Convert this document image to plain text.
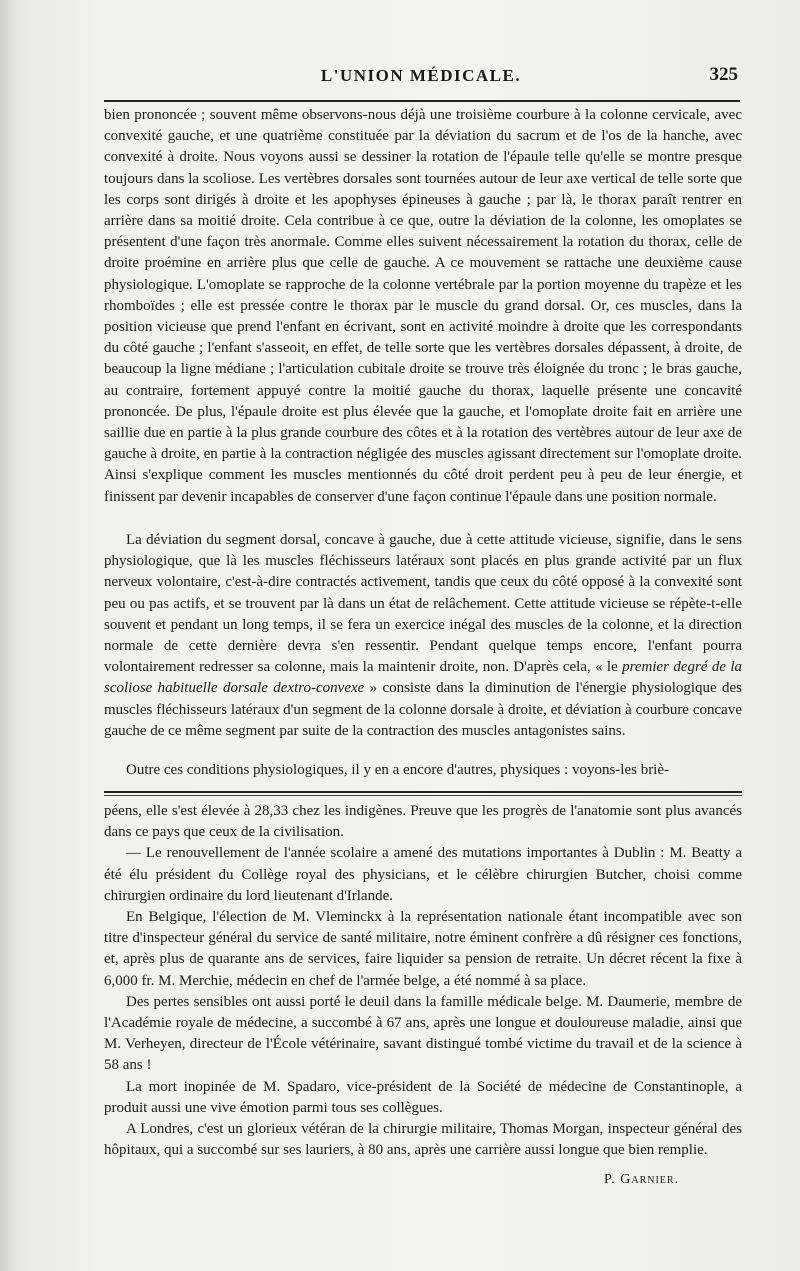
L'UNION MÉDICALE.	325

bien prononcée ; souvent même observons-nous déjà une troisième courbure à la colonne cervicale, avec convexité gauche, et une quatrième constituée par la déviation du sacrum et de l'os de la hanche, avec convexité à droite. Nous voyons aussi se dessiner la rotation de l'épaule telle qu'elle se montre presque toujours dans la scoliose. Les vertèbres dorsales sont tournées autour de leur axe vertical de telle sorte que les corps sont dirigés à droite et les apophyses épineuses à gauche ; par là, le thorax paraît rentrer en arrière dans sa moitié droite. Cela contribue à ce que, outre la déviation de la colonne, les omoplates se présentent d'une façon très anormale. Comme elles suivent nécessairement la rotation du thorax, celle de droite proémine en arrière plus que celle de gauche. A ce mouvement se rattache une deuxième cause physiologique. L'omoplate se rapproche de la colonne vertébrale par la portion moyenne du trapèze et les rhomboïdes ; elle est pressée contre le thorax par le muscle du grand dorsal. Or, ces muscles, dans la position vicieuse que prend l'enfant en écrivant, sont en activité moindre à droite que les correspondants du côté gauche ; l'enfant s'asseoit, en effet, de telle sorte que les vertèbres dorsales dépassent, à droite, de beaucoup la ligne médiane ; l'articulation cubitale droite se trouve très éloignée du tronc ; le bras gauche, au contraire, fortement appuyé contre la moitié gauche du thorax, laquelle présente une concavité prononcée. De plus, l'épaule droite est plus élevée que la gauche, et l'omoplate droite fait en arrière une saillie due en partie à la plus grande courbure des côtes et à la rotation des vertèbres autour de leur axe de gauche à droite, en partie à la contraction négligée des muscles agissant directement sur l'omoplate droite. Ainsi s'explique comment les muscles mentionnés du côté droit perdent peu à peu de leur énergie, et finissent par devenir incapables de conserver d'une façon continue l'épaule dans une position normale.

La déviation du segment dorsal, concave à gauche, due à cette attitude vicieuse, signifie, dans le sens physiologique, que là les muscles fléchisseurs latéraux sont placés en plus grande activité par un flux nerveux volontaire, c'est-à-dire contractés activement, tandis que ceux du côté opposé à la convexité sont peu ou pas actifs, et se trouvent par là dans un état de relâchement. Cette attitude vicieuse se répète-t-elle souvent et pendant un long temps, il se fera un exercice inégal des muscles de la colonne, et la direction normale de cette dernière devra s'en ressentir. Pendant quelque temps encore, l'enfant pourra volontairement redresser sa colonne, mais la maintenir droite, non. D'après cela, « le premier degré de la scoliose habituelle dorsale dextro-convexe » consiste dans la diminution de l'énergie physiologique des muscles fléchisseurs latéraux d'un segment de la colonne dorsale à droite, et déviation à courbure concave gauche de ce même segment par suite de la contraction des muscles antagonistes sains.

Outre ces conditions physiologiques, il y en a encore d'autres, physiques : voyons-les briè-

péens, elle s'est élevée à 28,33 chez les indigènes. Preuve que les progrès de l'anatomie sont plus avancés dans ce pays que ceux de la civilisation.

— Le renouvellement de l'année scolaire a amené des mutations importantes à Dublin : M. Beatty a été élu président du Collège royal des physicians, et le célèbre chirurgien Butcher, choisi comme chirurgien ordinaire du lord lieutenant d'Irlande.

En Belgique, l'élection de M. Vleminckx à la représentation nationale étant incompatible avec son titre d'inspecteur général du service de santé militaire, notre éminent confrère a dû résigner ces fonctions, et, après plus de quarante ans de services, faire liquider sa pension de retraite. Un décret récent la fixe à 6,000 fr. M. Merchie, médecin en chef de l'armée belge, a été nommé à sa place.

Des pertes sensibles ont aussi porté le deuil dans la famille médicale belge. M. Daumerie, membre de l'Académie royale de médecine, a succombé à 67 ans, après une longue et douloureuse maladie, ainsi que M. Verheyen, directeur de l'École vétérinaire, savant distingué tombé victime du travail et de la science à 58 ans !

La mort inopinée de M. Spadaro, vice-président de la Société de médecine de Constantinople, a produit aussi une vive émotion parmi tous ses collègues.

A Londres, c'est un glorieux vétéran de la chirurgie militaire, Thomas Morgan, inspecteur général des hôpitaux, qui a succombé sur ses lauriers, à 80 ans, après une carrière aussi longue que bien remplie.

P. Garnier.
